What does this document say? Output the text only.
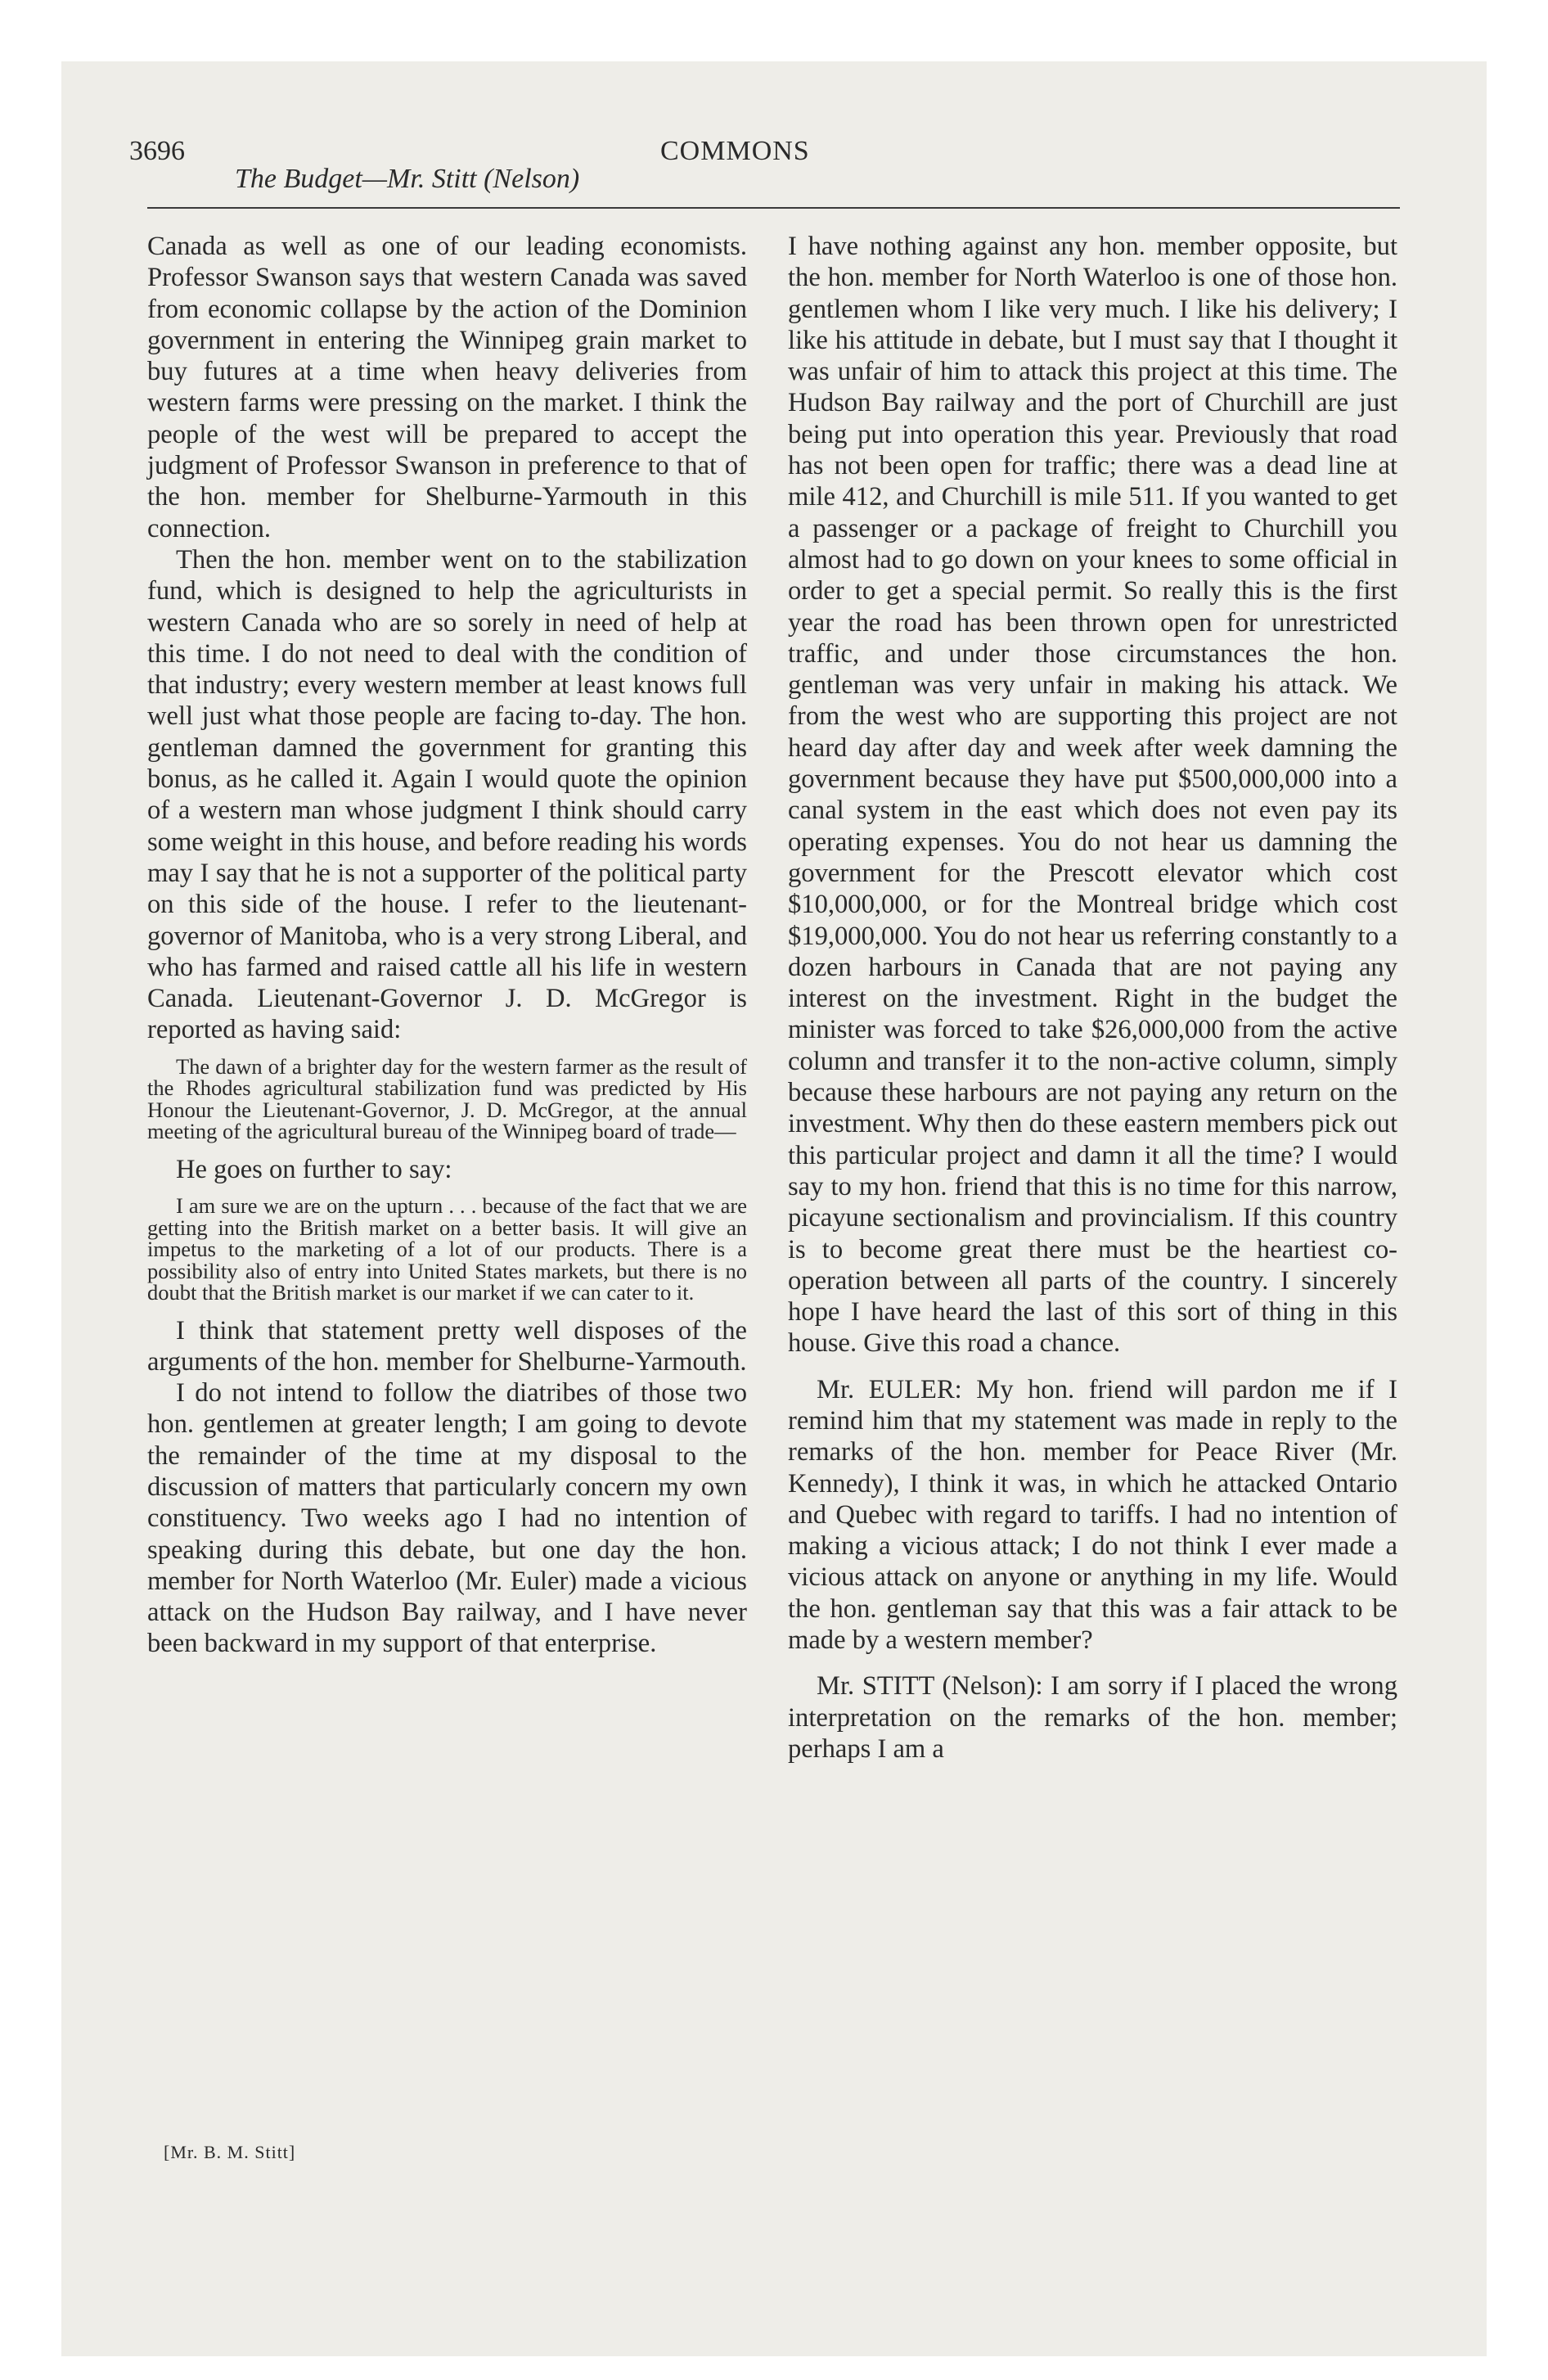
3696	COMMONS
The Budget—Mr. Stitt (Nelson)

Canada as well as one of our leading economists. Professor Swanson says that western Canada was saved from economic collapse by the action of the Dominion government in entering the Winnipeg grain market to buy futures at a time when heavy deliveries from western farms were pressing on the market. I think the people of the west will be prepared to accept the judgment of Professor Swanson in preference to that of the hon. member for Shelburne-Yarmouth in this connection.

Then the hon. member went on to the stabilization fund, which is designed to help the agriculturists in western Canada who are so sorely in need of help at this time. I do not need to deal with the condition of that industry; every western member at least knows full well just what those people are facing to-day. The hon. gentleman damned the government for granting this bonus, as he called it. Again I would quote the opinion of a western man whose judgment I think should carry some weight in this house, and before reading his words may I say that he is not a supporter of the political party on this side of the house. I refer to the lieutenant-governor of Manitoba, who is a very strong Liberal, and who has farmed and raised cattle all his life in western Canada. Lieutenant-Governor J. D. McGregor is reported as having said:

The dawn of a brighter day for the western farmer as the result of the Rhodes agricultural stabilization fund was predicted by His Honour the Lieutenant-Governor, J. D. McGregor, at the annual meeting of the agricultural bureau of the Winnipeg board of trade—

He goes on further to say:

I am sure we are on the upturn . . . because of the fact that we are getting into the British market on a better basis. It will give an impetus to the marketing of a lot of our products. There is a possibility also of entry into United States markets, but there is no doubt that the British market is our market if we can cater to it.

I think that statement pretty well disposes of the arguments of the hon. member for Shelburne-Yarmouth.

I do not intend to follow the diatribes of those two hon. gentlemen at greater length; I am going to devote the remainder of the time at my disposal to the discussion of matters that particularly concern my own constituency. Two weeks ago I had no intention of speaking during this debate, but one day the hon. member for North Waterloo (Mr. Euler) made a vicious attack on the Hudson Bay railway, and I have never been backward in my support of that enterprise.

[Mr. B. M. Stitt]

I have nothing against any hon. member opposite, but the hon. member for North Waterloo is one of those hon. gentlemen whom I like very much. I like his delivery; I like his attitude in debate, but I must say that I thought it was unfair of him to attack this project at this time. The Hudson Bay railway and the port of Churchill are just being put into operation this year. Previously that road has not been open for traffic; there was a dead line at mile 412, and Churchill is mile 511. If you wanted to get a passenger or a package of freight to Churchill you almost had to go down on your knees to some official in order to get a special permit. So really this is the first year the road has been thrown open for unrestricted traffic, and under those circumstances the hon. gentleman was very unfair in making his attack. We from the west who are supporting this project are not heard day after day and week after week damning the government because they have put $500,000,000 into a canal system in the east which does not even pay its operating expenses. You do not hear us damning the government for the Prescott elevator which cost $10,000,000, or for the Montreal bridge which cost $19,000,000. You do not hear us referring constantly to a dozen harbours in Canada that are not paying any interest on the investment. Right in the budget the minister was forced to take $26,000,000 from the active column and transfer it to the non-active column, simply because these harbours are not paying any return on the investment. Why then do these eastern members pick out this particular project and damn it all the time? I would say to my hon. friend that this is no time for this narrow, picayune sectionalism and provincialism. If this country is to become great there must be the heartiest co-operation between all parts of the country. I sincerely hope I have heard the last of this sort of thing in this house. Give this road a chance.

Mr. EULER: My hon. friend will pardon me if I remind him that my statement was made in reply to the remarks of the hon. member for Peace River (Mr. Kennedy), I think it was, in which he attacked Ontario and Quebec with regard to tariffs. I had no intention of making a vicious attack; I do not think I ever made a vicious attack on anyone or anything in my life. Would the hon. gentleman say that this was a fair attack to be made by a western member?

Mr. STITT (Nelson): I am sorry if I placed the wrong interpretation on the remarks of the hon. member; perhaps I am a
